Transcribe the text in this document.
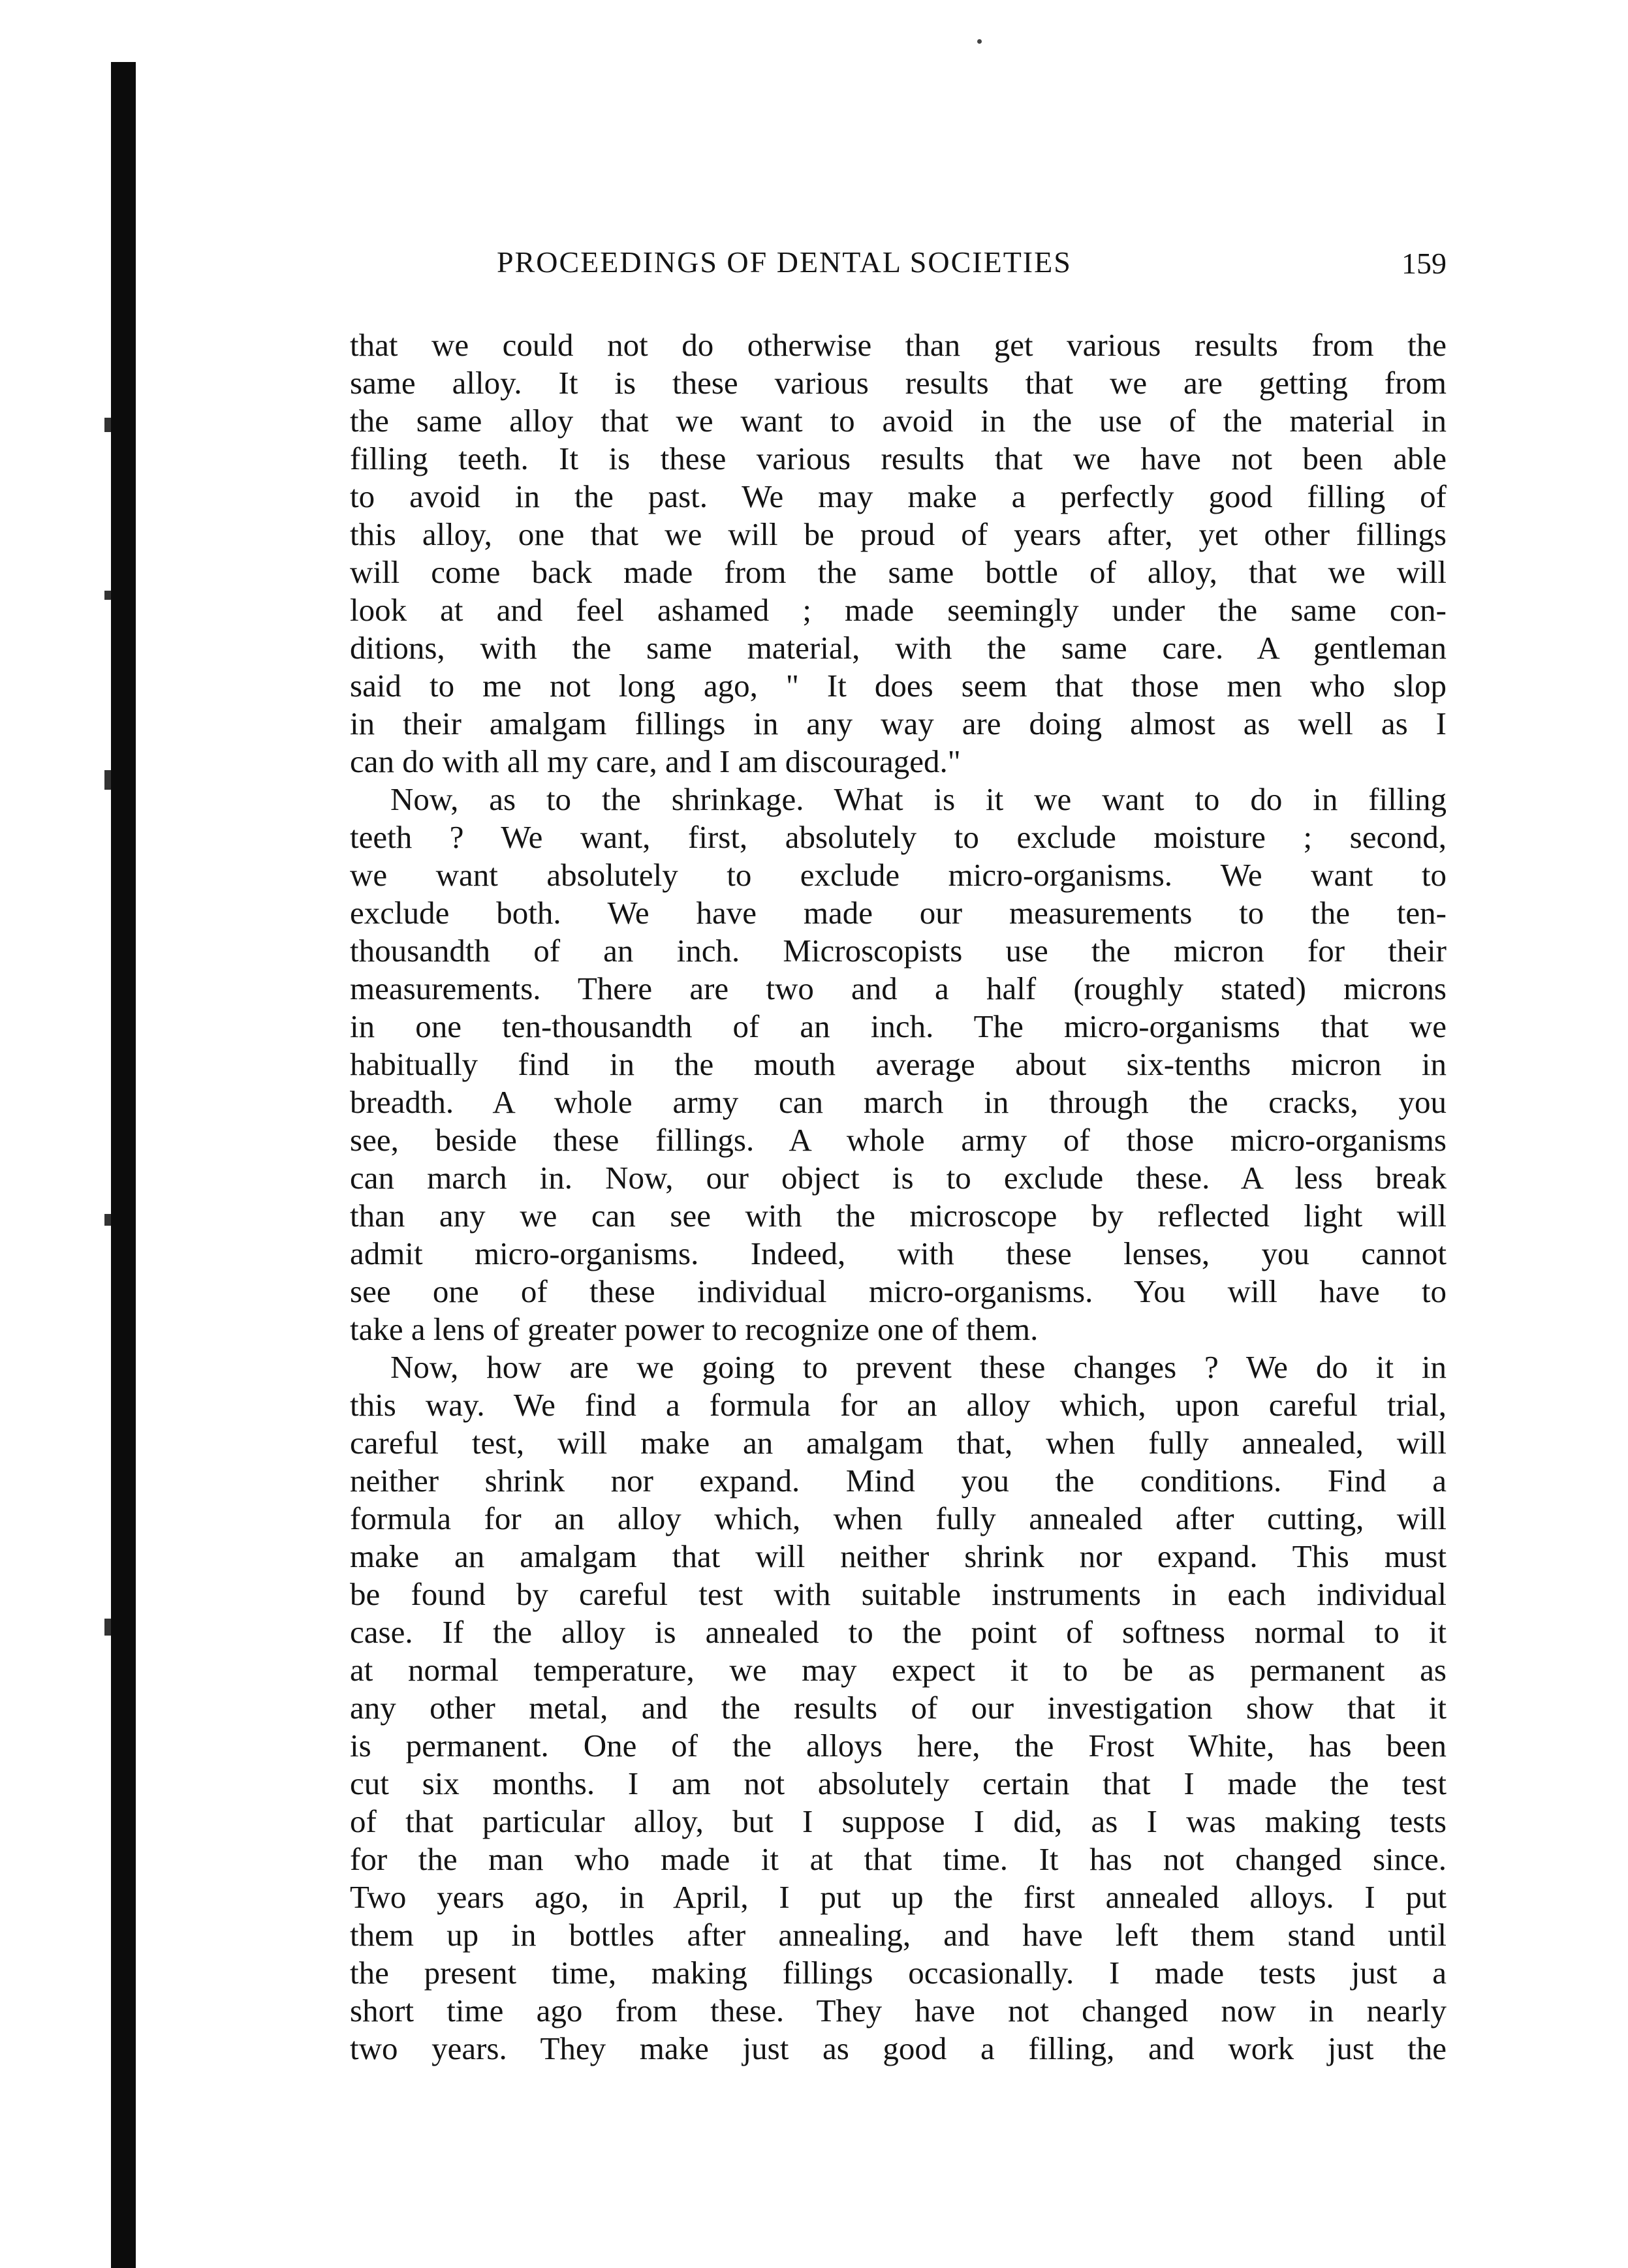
PROCEEDINGS OF DENTAL SOCIETIES	159
that we could not do otherwise than get various results from the
same alloy. It is these various results that we are getting from
the same alloy that we want to avoid in the use of the material in
filling teeth. It is these various results that we have not been able
to avoid in the past. We may make a perfectly good filling of
this alloy, one that we will be proud of years after, yet other fillings
will come back made from the same bottle of alloy, that we will
look at and feel ashamed ; made seemingly under the same con-
ditions, with the same material, with the same care. A gentleman
said to me not long ago, " It does seem that those men who slop
in their amalgam fillings in any way are doing almost as well as I
can do with all my care, and I am discouraged."
Now, as to the shrinkage. What is it we want to do in filling
teeth ? We want, first, absolutely to exclude moisture ; second,
we want absolutely to exclude micro-organisms. We want to
exclude both. We have made our measurements to the ten-
thousandth of an inch. Microscopists use the micron for their
measurements. There are two and a half (roughly stated) microns
in one ten-thousandth of an inch. The micro-organisms that we
habitually find in the mouth average about six-tenths micron in
breadth. A whole army can march in through the cracks, you
see, beside these fillings. A whole army of those micro-organisms
can march in. Now, our object is to exclude these. A less break
than any we can see with the microscope by reflected light will
admit micro-organisms. Indeed, with these lenses, you cannot
see one of these individual micro-organisms. You will have to
take a lens of greater power to recognize one of them.
Now, how are we going to prevent these changes ? We do it in
this way. We find a formula for an alloy which, upon careful trial,
careful test, will make an amalgam that, when fully annealed, will
neither shrink nor expand. Mind you the conditions. Find a
formula for an alloy which, when fully annealed after cutting, will
make an amalgam that will neither shrink nor expand. This must
be found by careful test with suitable instruments in each individual
case. If the alloy is annealed to the point of softness normal to it
at normal temperature, we may expect it to be as permanent as
any other metal, and the results of our investigation show that it
is permanent. One of the alloys here, the Frost White, has been
cut six months. I am not absolutely certain that I made the test
of that particular alloy, but I suppose I did, as I was making tests
for the man who made it at that time. It has not changed since.
Two years ago, in April, I put up the first annealed alloys. I put
them up in bottles after annealing, and have left them stand until
the present time, making fillings occasionally. I made tests just a
short time ago from these. They have not changed now in nearly
two years. They make just as good a filling, and work just the
